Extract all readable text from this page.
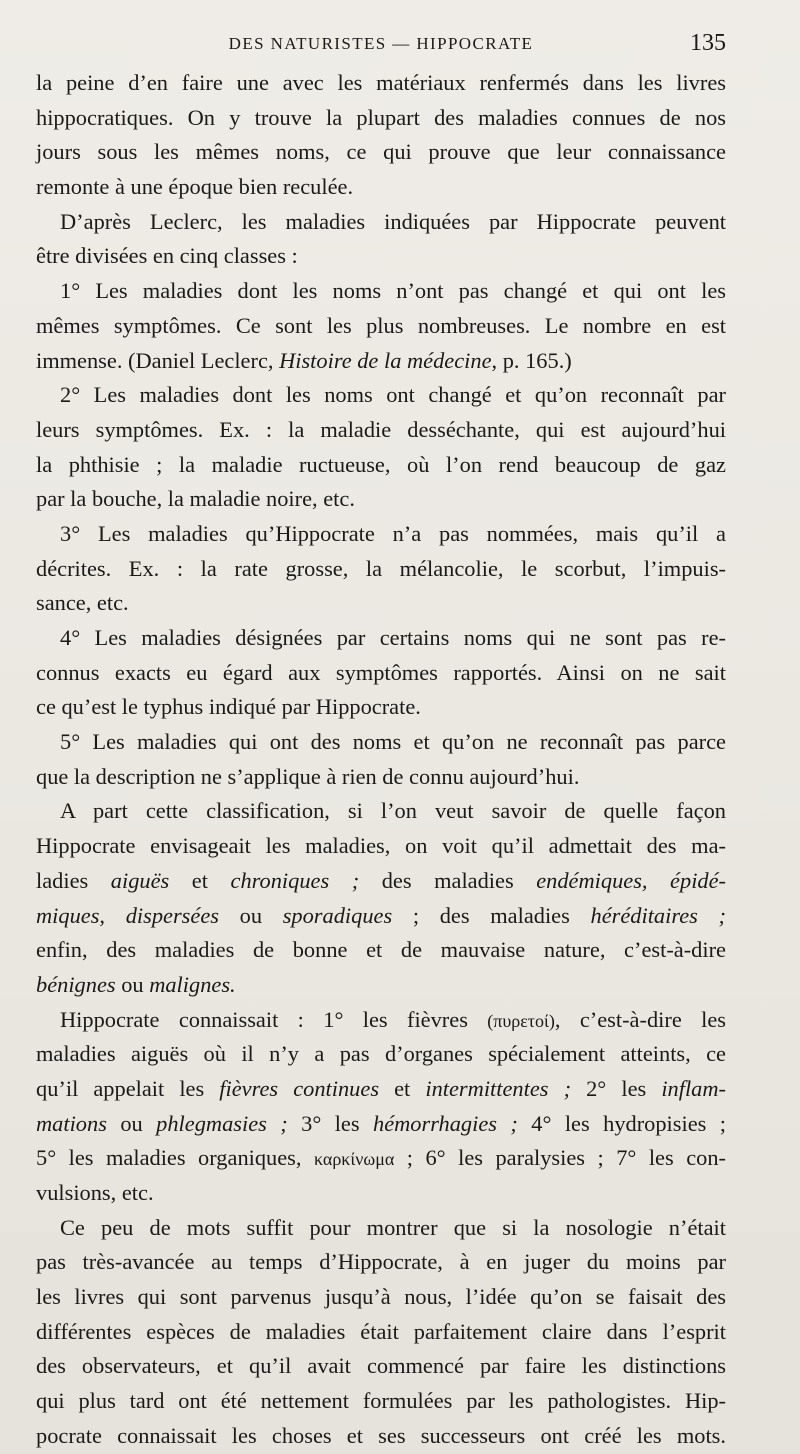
DES NATURISTES — HIPPOCRATE	135
la peine d’en faire une avec les matériaux renfermés dans les livres
hippocratiques. On y trouve la plupart des maladies connues de nos
jours sous les mêmes noms, ce qui prouve que leur connaissance
remonte à une époque bien reculée.
D’après Leclerc, les maladies indiquées par Hippocrate peuvent
être divisées en cinq classes :
1° Les maladies dont les noms n’ont pas changé et qui ont les
mêmes symptômes. Ce sont les plus nombreuses. Le nombre en est
immense. (Daniel Leclerc, Histoire de la médecine, p. 165.)
2° Les maladies dont les noms ont changé et qu’on reconnaît par
leurs symptômes. Ex. : la maladie desséchante, qui est aujourd’hui
la phthisie ; la maladie ructueuse, où l’on rend beaucoup de gaz
par la bouche, la maladie noire, etc.
3° Les maladies qu’Hippocrate n’a pas nommées, mais qu’il a
décrites. Ex. : la rate grosse, la mélancolie, le scorbut, l’impuis-
sance, etc.
4° Les maladies désignées par certains noms qui ne sont pas re-
connus exacts eu égard aux symptômes rapportés. Ainsi on ne sait
ce qu’est le typhus indiqué par Hippocrate.
5° Les maladies qui ont des noms et qu’on ne reconnaît pas parce
que la description ne s’applique à rien de connu aujourd’hui.
A part cette classification, si l’on veut savoir de quelle façon
Hippocrate envisageait les maladies, on voit qu’il admettait des ma-
ladies aiguës et chroniques ; des maladies endémiques, épidé-
miques, dispersées ou sporadiques ; des maladies héréditaires ;
enfin, des maladies de bonne et de mauvaise nature, c’est-à-dire
bénignes ou malignes.
Hippocrate connaissait : 1° les fièvres (πυρετοί), c’est-à-dire les
maladies aiguës où il n’y a pas d’organes spécialement atteints, ce
qu’il appelait les fièvres continues et intermittentes ; 2° les inflam-
mations ou phlegmasies ; 3° les hémorrhagies ; 4° les hydropisies ;
5° les maladies organiques, καρκίνωμα ; 6° les paralysies ; 7° les con-
vulsions, etc.
Ce peu de mots suffit pour montrer que si la nosologie n’était
pas très-avancée au temps d’Hippocrate, à en juger du moins par
les livres qui sont parvenus jusqu’à nous, l’idée qu’on se faisait des
différentes espèces de maladies était parfaitement claire dans l’esprit
des observateurs, et qu’il avait commencé par faire les distinctions
qui plus tard ont été nettement formulées par les pathologistes. Hip-
pocrate connaissait les choses et ses successeurs ont créé les mots.
